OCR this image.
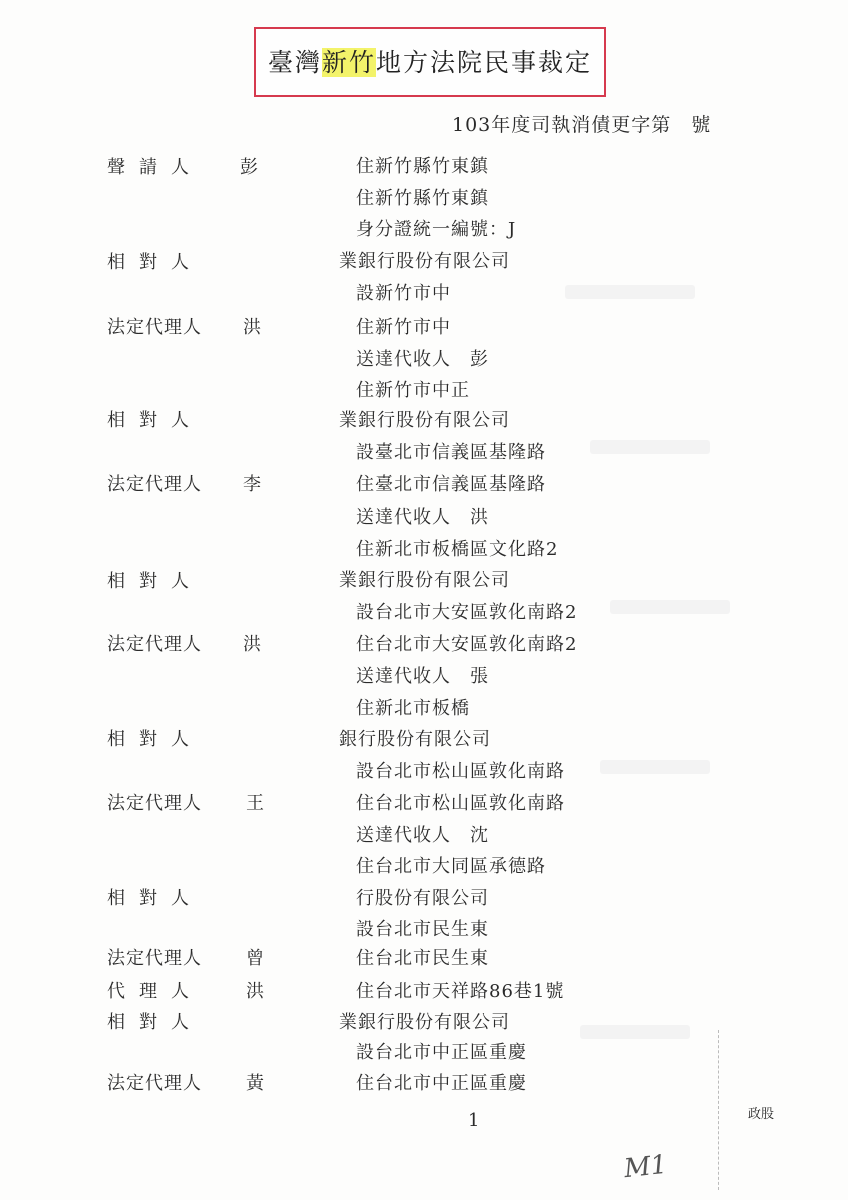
臺灣新竹地方法院民事裁定
103年度司執消債更字第　號
聲請人 彭
相對人
法定代理人 洪
相對人
法定代理人 李
相對人
法定代理人 洪
相對人
法定代理人 王
相對人
法定代理人 曾
代理人 洪
相對人
法定代理人 黃
住新竹縣竹東鎮
住新竹縣竹東鎮
身分證統一編號：J
業銀行股份有限公司
設新竹市中
住新竹市中
送達代收人　彭
住新竹市中正
業銀行股份有限公司
設臺北市信義區基隆路
住臺北市信義區基隆路
送達代收人　洪
住新北市板橋區文化路2
業銀行股份有限公司
設台北市大安區敦化南路2
住台北市大安區敦化南路2
送達代收人　張
住新北市板橋
銀行股份有限公司
設台北市松山區敦化南路
住台北市松山區敦化南路
送達代收人　沈
住台北市大同區承德路
行股份有限公司
設台北市民生東
住台北市民生東
住台北市天祥路86巷1號
業銀行股份有限公司
設台北市中正區重慶
住台北市中正區重慶
1	政股
M1
